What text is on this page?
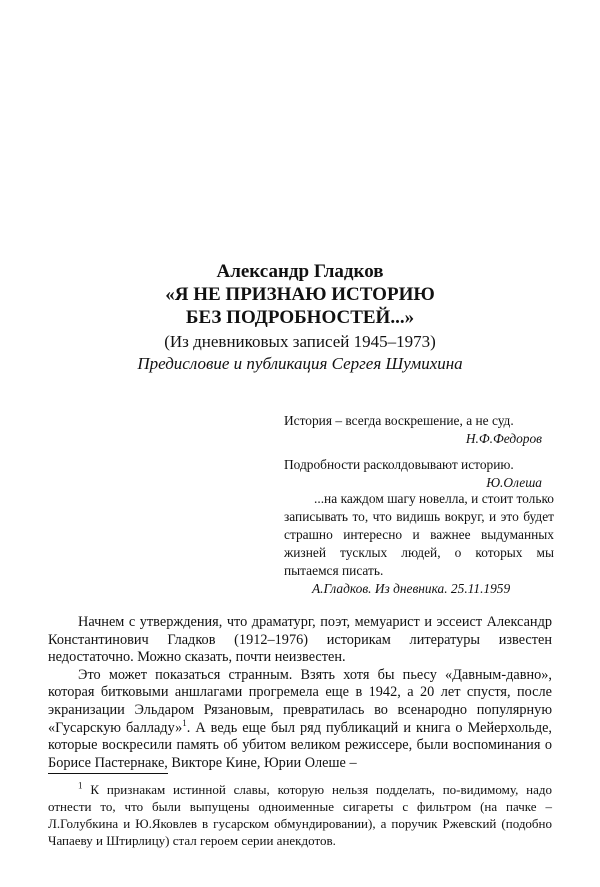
Александр Гладков
«Я НЕ ПРИЗНАЮ ИСТОРИЮ
БЕЗ ПОДРОБНОСТЕЙ...»
(Из дневниковых записей 1945–1973)
Предисловие и публикация Сергея Шумихина
История – всегда воскрешение, а не суд.
Н.Ф.Федоров
Подробности расколдовывают историю.
Ю.Олеша
...на каждом шагу новелла, и стоит только записывать то, что видишь вокруг, и это будет страшно интересно и важнее выдуманных жизней тусклых людей, о которых мы пытаемся писать.
А.Гладков. Из дневника. 25.11.1959

Начнем с утверждения, что драматург, поэт, мемуарист и эссеист Александр Константинович Гладков (1912–1976) историкам литературы известен недостаточно. Можно сказать, почти неизвестен.

Это может показаться странным. Взять хотя бы пьесу «Давным-давно», которая битковыми аншлагами прогремела еще в 1942, а 20 лет спустя, после экранизации Эльдаром Рязановым, превратилась во всенародно популярную «Гусарскую балладу»$^1$. А ведь еще был ряд публикаций и книга о Мейерхольде, которые воскресили память об убитом великом режиссере, были воспоминания о Борисе Пастернаке, Викторе Кине, Юрии Олеше –

$^1$ К признакам истинной славы, которую нельзя подделать, по-видимому, надо отнести то, что были выпущены одноименные сигареты с фильтром (на пачке – Л.Голубкина и Ю.Яковлев в гусарском обмундировании), а поручик Ржевский (подобно Чапаеву и Штирлицу) стал героем серии анекдотов.
